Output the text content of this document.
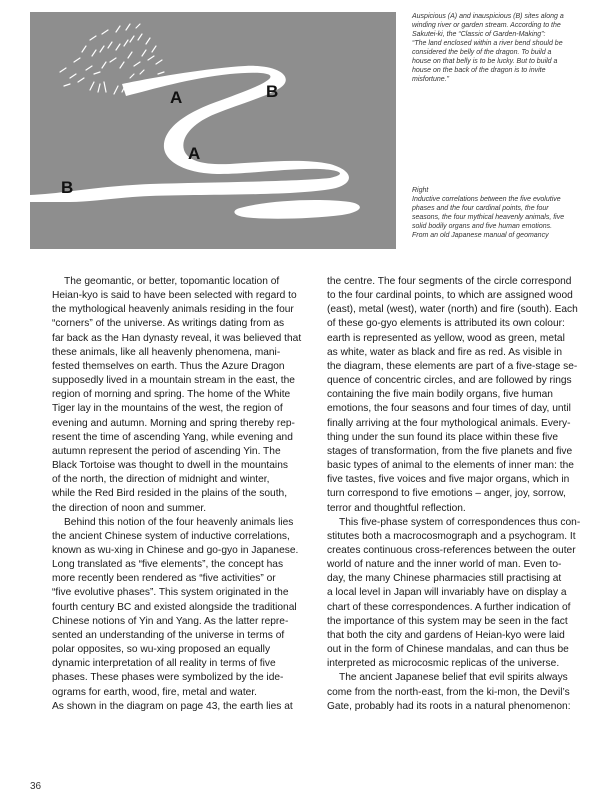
A	B
A
B
Auspicious (A) and inauspicious (B) sites along a
winding river or garden stream. According to the
Sakutei-ki, the “Classic of Garden-Making”:
“The land enclosed within a river bend should be
considered the belly of the dragon. To build a
house on that belly is to be lucky. But to build a
house on the back of the dragon is to invite
misfortune.”
Right
Inductive correlations between the five evolutive
phases and the four cardinal points, the four
seasons, the four mythical heavenly animals, five
solid bodily organs and five human emotions.
From an old Japanese manual of geomancy
The geomantic, or better, topomantic location of
Heian-kyo is said to have been selected with regard to
the mythological heavenly animals residing in the four
“corners” of the universe. As writings dating from as
far back as the Han dynasty reveal, it was believed that
these animals, like all heavenly phenomena, mani-
fested themselves on earth. Thus the Azure Dragon
supposedly lived in a mountain stream in the east, the
region of morning and spring. The home of the White
Tiger lay in the mountains of the west, the region of
evening and autumn. Morning and spring thereby rep-
resent the time of ascending Yang, while evening and
autumn represent the period of ascending Yin. The
Black Tortoise was thought to dwell in the mountains
of the north, the direction of midnight and winter,
while the Red Bird resided in the plains of the south,
the direction of noon and summer.
Behind this notion of the four heavenly animals lies
the ancient Chinese system of inductive correlations,
known as wu-xing in Chinese and go-gyo in Japanese.
Long translated as “five elements”, the concept has
more recently been rendered as “five activities” or
“five evolutive phases”. This system originated in the
fourth century BC and existed alongside the traditional
Chinese notions of Yin and Yang. As the latter repre-
sented an understanding of the universe in terms of
polar opposites, so wu-xing proposed an equally
dynamic interpretation of all reality in terms of five
phases. These phases were symbolized by the ide-
ograms for earth, wood, fire, metal and water.
As shown in the diagram on page 43, the earth lies at
the centre. The four segments of the circle correspond
to the four cardinal points, to which are assigned wood
(east), metal (west), water (north) and fire (south). Each
of these go-gyo elements is attributed its own colour:
earth is represented as yellow, wood as green, metal
as white, water as black and fire as red. As visible in
the diagram, these elements are part of a five-stage se-
quence of concentric circles, and are followed by rings
containing the five main bodily organs, five human
emotions, the four seasons and four times of day, until
finally arriving at the four mythological animals. Every-
thing under the sun found its place within these five
stages of transformation, from the five planets and five
basic types of animal to the elements of inner man: the
five tastes, five voices and five major organs, which in
turn correspond to five emotions – anger, joy, sorrow,
terror and thoughtful reflection.
This five-phase system of correspondences thus con-
stitutes both a macrocosmograph and a psychogram. It
creates continuous cross-references between the outer
world of nature and the inner world of man. Even to-
day, the many Chinese pharmacies still practising at
a local level in Japan will invariably have on display a
chart of these correspondences. A further indication of
the importance of this system may be seen in the fact
that both the city and gardens of Heian-kyo were laid
out in the form of Chinese mandalas, and can thus be
interpreted as microcosmic replicas of the universe.
The ancient Japanese belief that evil spirits always
come from the north-east, from the ki-mon, the Devil’s
Gate, probably had its roots in a natural phenomenon:
36
